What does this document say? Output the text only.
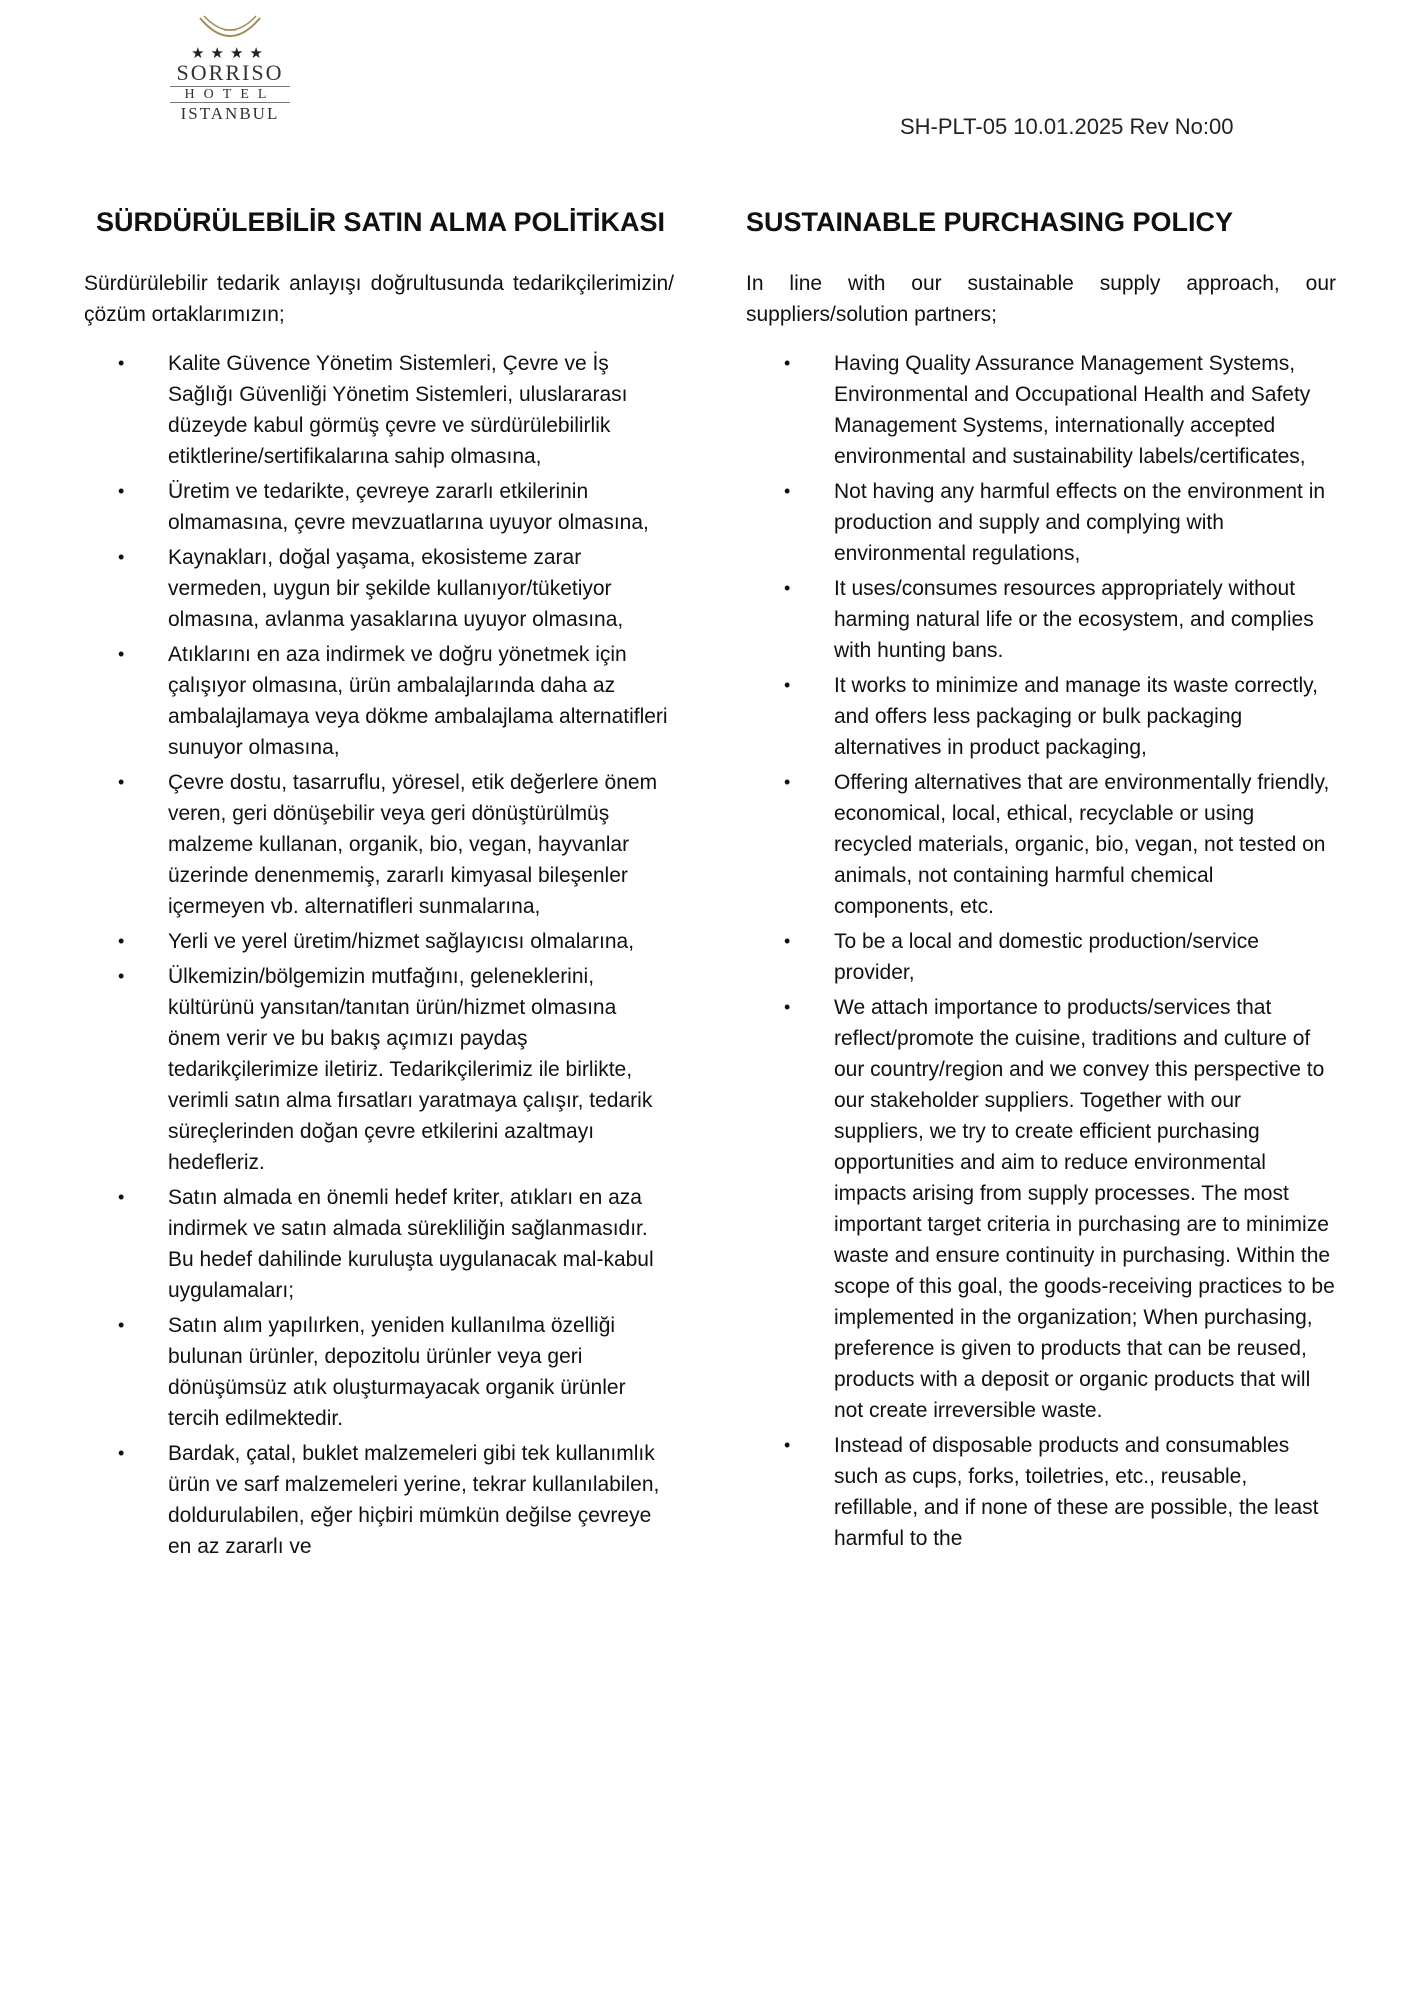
★★★★
SORRISO
HOTEL
ISTANBUL
SH-PLT-05 10.01.2025 Rev No:00
SÜRDÜRÜLEBİLİR SATIN ALMA POLİTİKASI
Sürdürülebilir tedarik anlayışı doğrultusunda tedarikçilerimizin/çözüm ortaklarımızın;
• Kalite Güvence Yönetim Sistemleri, Çevre ve İş Sağlığı Güvenliği Yönetim Sistemleri, uluslararası düzeyde kabul görmüş çevre ve sürdürülebilirlik etiktlerine/sertifikalarına sahip olmasına,
• Üretim ve tedarikte, çevreye zararlı etkilerinin olmamasına, çevre mevzuatlarına uyuyor olmasına,
• Kaynakları, doğal yaşama, ekosisteme zarar vermeden, uygun bir şekilde kullanıyor/tüketiyor olmasına, avlanma yasaklarına uyuyor olmasına,
• Atıklarını en aza indirmek ve doğru yönetmek için çalışıyor olmasına, ürün ambalajlarında daha az ambalajlamaya veya dökme ambalajlama alternatifleri sunuyor olmasına,
• Çevre dostu, tasarruflu, yöresel, etik değerlere önem veren, geri dönüşebilir veya geri dönüştürülmüş malzeme kullanan, organik, bio, vegan, hayvanlar üzerinde denenmemiş, zararlı kimyasal bileşenler içermeyen vb. alternatifleri sunmalarına,
• Yerli ve yerel üretim/hizmet sağlayıcısı olmalarına,
• Ülkemizin/bölgemizin mutfağını, geleneklerini, kültürünü yansıtan/tanıtan ürün/hizmet olmasına önem verir ve bu bakış açımızı paydaş tedarikçilerimize iletiriz. Tedarikçilerimiz ile birlikte, verimli satın alma fırsatları yaratmaya çalışır, tedarik süreçlerinden doğan çevre etkilerini azaltmayı hedefleriz.
• Satın almada en önemli hedef kriter, atıkları en aza indirmek ve satın almada sürekliliğin sağlanmasıdır. Bu hedef dahilinde kuruluşta uygulanacak mal-kabul uygulamaları;
• Satın alım yapılırken, yeniden kullanılma özelliği bulunan ürünler, depozitolu ürünler veya geri dönüşümsüz atık oluşturmayacak organik ürünler tercih edilmektedir.
• Bardak, çatal, buklet malzemeleri gibi tek kullanımlık ürün ve sarf malzemeleri yerine, tekrar kullanılabilen, doldurulabilen, eğer hiçbiri mümkün değilse çevreye en az zararlı ve
SUSTAINABLE PURCHASING POLICY
In line with our sustainable supply approach, our suppliers/solution partners;
• Having Quality Assurance Management Systems, Environmental and Occupational Health and Safety Management Systems, internationally accepted environmental and sustainability labels/certificates,
• Not having any harmful effects on the environment in production and supply and complying with environmental regulations,
• It uses/consumes resources appropriately without harming natural life or the ecosystem, and complies with hunting bans.
• It works to minimize and manage its waste correctly, and offers less packaging or bulk packaging alternatives in product packaging,
• Offering alternatives that are environmentally friendly, economical, local, ethical, recyclable or using recycled materials, organic, bio, vegan, not tested on animals, not containing harmful chemical components, etc.
• To be a local and domestic production/service provider,
• We attach importance to products/services that reflect/promote the cuisine, traditions and culture of our country/region and we convey this perspective to our stakeholder suppliers. Together with our suppliers, we try to create efficient purchasing opportunities and aim to reduce environmental impacts arising from supply processes. The most important target criteria in purchasing are to minimize waste and ensure continuity in purchasing. Within the scope of this goal, the goods-receiving practices to be implemented in the organization; When purchasing, preference is given to products that can be reused, products with a deposit or organic products that will not create irreversible waste.
• Instead of disposable products and consumables such as cups, forks, toiletries, etc., reusable, refillable, and if none of these are possible, the least harmful to the
